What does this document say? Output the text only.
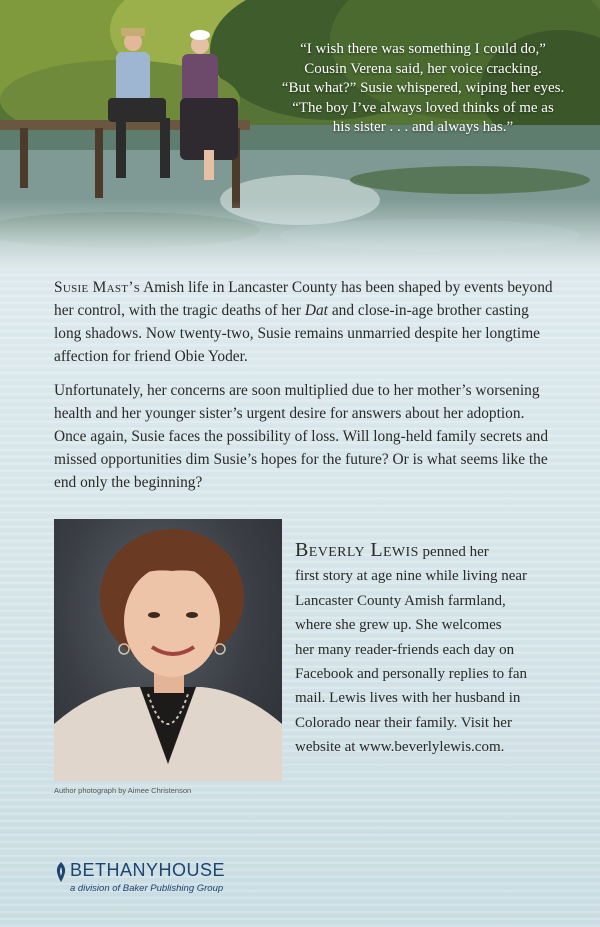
“I wish there was something I could do,”
Cousin Verena said, her voice cracking.
“But what?” Susie whispered, wiping her eyes.
“The boy I’ve always loved thinks of me as
his sister . . . and always has.”

Susie Mast’s Amish life in Lancaster County has been shaped by events beyond her control, with the tragic deaths of her Dat and close-in-age brother casting long shadows. Now twenty-two, Susie remains unmarried despite her longtime affection for friend Obie Yoder.

Unfortunately, her concerns are soon multiplied due to her mother’s worsening health and her younger sister’s urgent desire for answers about her adoption. Once again, Susie faces the possibility of loss. Will long-held family secrets and missed opportunities dim Susie’s hopes for the future? Or is what seems like the end only the beginning?

Author photograph by Aimee Christenson
Beverly Lewis penned her
first story at age nine while living near
Lancaster County Amish farmland,
where she grew up. She welcomes
her many reader-friends each day on
Facebook and personally replies to fan
mail. Lewis lives with her husband in
Colorado near their family. Visit her
website at www.beverlylewis.com.
BETHANYHOUSE
a division of Baker Publishing Group
